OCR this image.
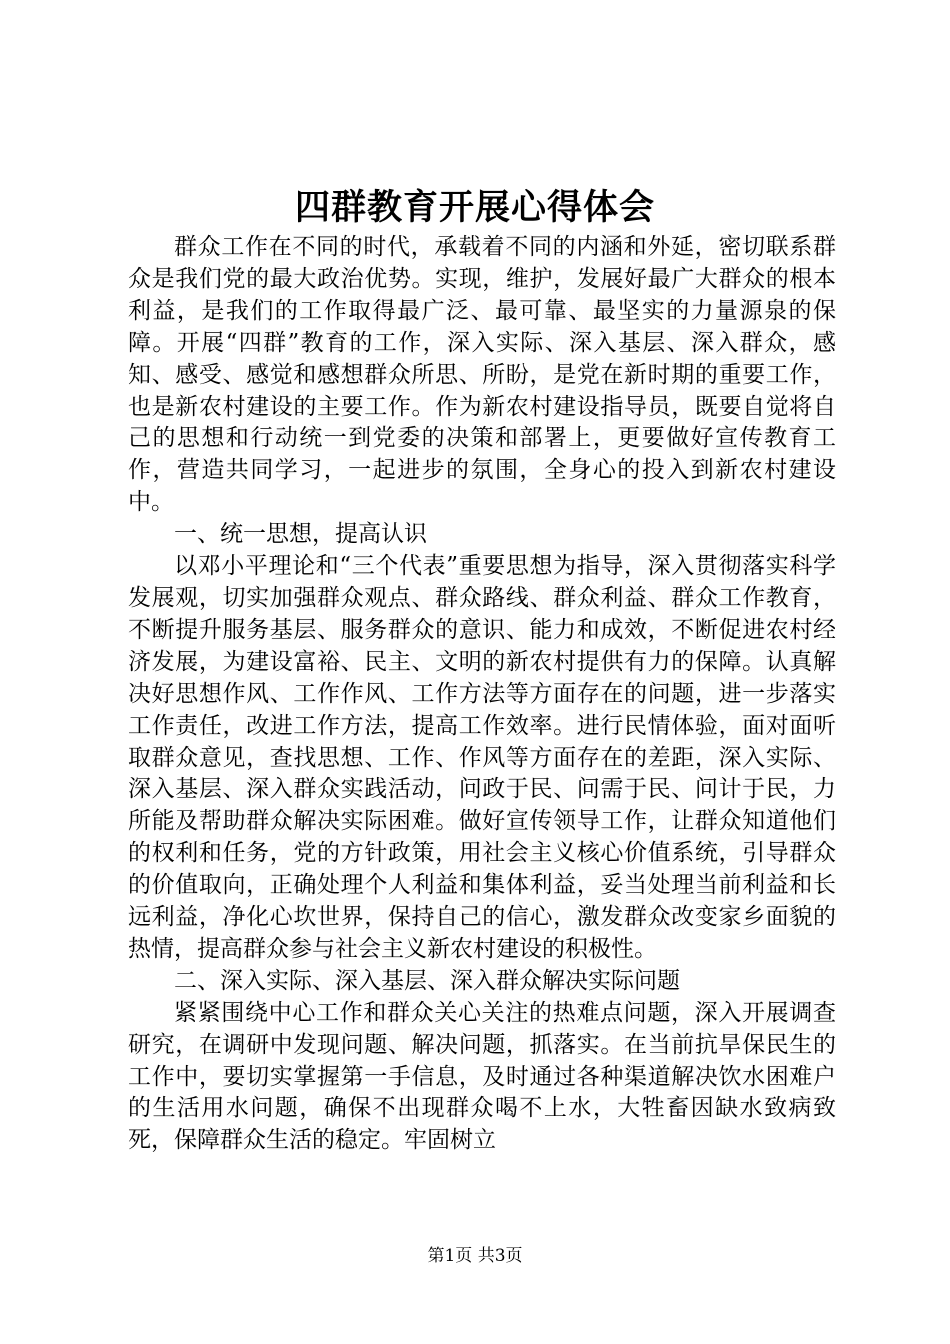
四群教育开展心得体会

群众工作在不同的时代，承载着不同的内涵和外延，密切联系群众是我们党的最大政治优势。实现，维护，发展好最广大群众的根本利益，是我们的工作取得最广泛、最可靠、最坚实的力量源泉的保障。开展“四群”教育的工作，深入实际、深入基层、深入群众，感知、感受、感觉和感想群众所思、所盼，是党在新时期的重要工作，也是新农村建设的主要工作。作为新农村建设指导员，既要自觉将自己的思想和行动统一到党委的决策和部署上，更要做好宣传教育工作，营造共同学习，一起进步的氛围，全身心的投入到新农村建设中。

一、统一思想，提高认识

以邓小平理论和“三个代表”重要思想为指导，深入贯彻落实科学发展观，切实加强群众观点、群众路线、群众利益、群众工作教育，不断提升服务基层、服务群众的意识、能力和成效，不断促进农村经济发展，为建设富裕、民主、文明的新农村提供有力的保障。认真解决好思想作风、工作作风、工作方法等方面存在的问题，进一步落实工作责任，改进工作方法，提高工作效率。进行民情体验，面对面听取群众意见，查找思想、工作、作风等方面存在的差距，深入实际、深入基层、深入群众实践活动，问政于民、问需于民、问计于民，力所能及帮助群众解决实际困难。做好宣传领导工作，让群众知道他们的权利和任务，党的方针政策，用社会主义核心价值系统，引导群众的价值取向，正确处理个人利益和集体利益，妥当处理当前利益和长远利益，净化心坎世界，保持自己的信心，激发群众改变家乡面貌的热情，提高群众参与社会主义新农村建设的积极性。

二、深入实际、深入基层、深入群众解决实际问题

紧紧围绕中心工作和群众关心关注的热难点问题，深入开展调查研究，在调研中发现问题、解决问题，抓落实。在当前抗旱保民生的工作中，要切实掌握第一手信息，及时通过各种渠道解决饮水困难户的生活用水问题，确保不出现群众喝不上水，大牲畜因缺水致病致死，保障群众生活的稳定。牢固树立

第1页 共3页
